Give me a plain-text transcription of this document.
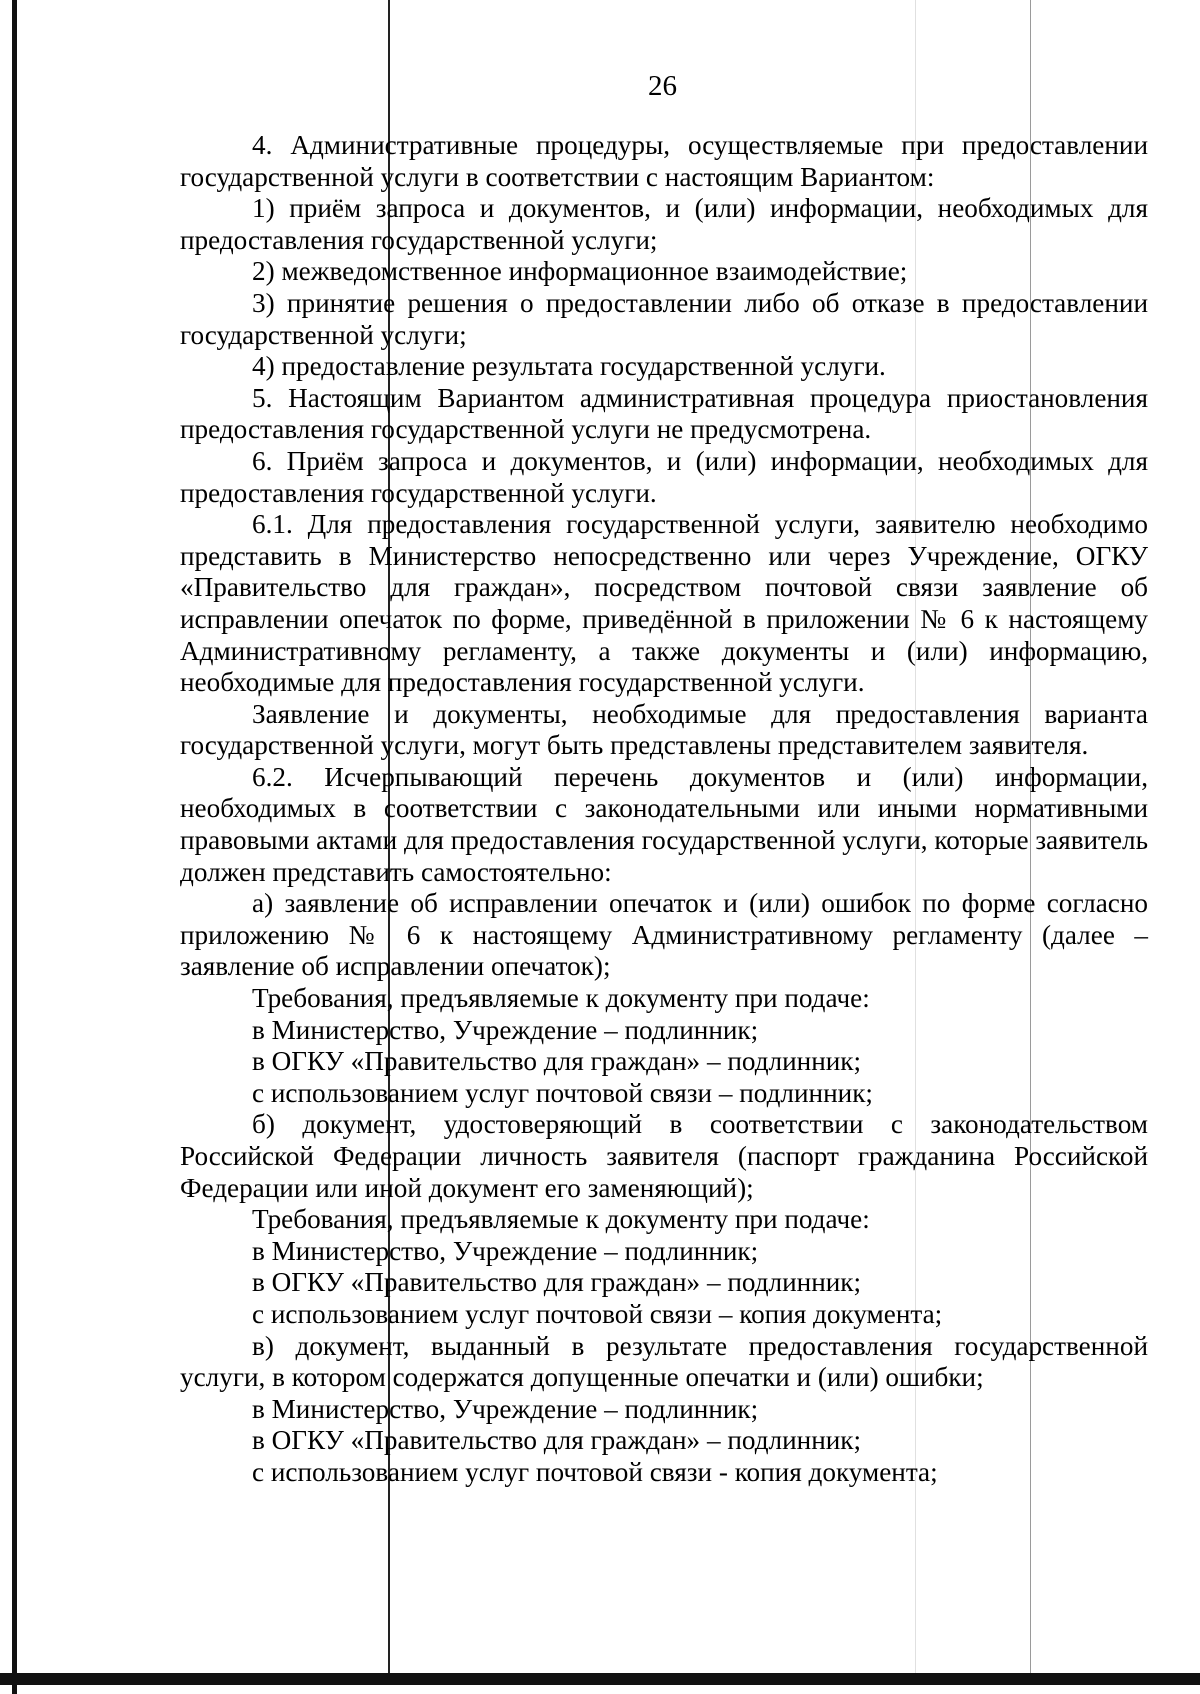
26

4. Административные процедуры, осуществляемые при предоставлении государственной услуги в соответствии с настоящим Вариантом:

1) приём запроса и документов, и (или) информации, необходимых для предоставления государственной услуги;

2) межведомственное информационное взаимодействие;

3) принятие решения о предоставлении либо об отказе в предоставлении государственной услуги;

4) предоставление результата государственной услуги.

5. Настоящим Вариантом административная процедура приостановления предоставления государственной услуги не предусмотрена.

6. Приём запроса и документов, и (или) информации, необходимых для предоставления государственной услуги.

6.1. Для предоставления государственной услуги, заявителю необходимо представить в Министерство непосредственно или через Учреждение, ОГКУ «Правительство для граждан», посредством почтовой связи заявление об исправлении опечаток по форме, приведённой в приложении № 6 к настоящему Административному регламенту, а также документы и (или) информацию, необходимые для предоставления государственной услуги.

Заявление и документы, необходимые для предоставления варианта государственной услуги, могут быть представлены представителем заявителя.

6.2. Исчерпывающий перечень документов и (или) информации, необходимых в соответствии с законодательными или иными нормативными правовыми актами для предоставления государственной услуги, которые заявитель должен представить самостоятельно:

а) заявление об исправлении опечаток и (или) ошибок по форме согласно приложению № 6 к настоящему Административному регламенту (далее – заявление об исправлении опечаток);

Требования, предъявляемые к документу при подаче:

в Министерство, Учреждение – подлинник;

в ОГКУ «Правительство для граждан» – подлинник;

с использованием услуг почтовой связи – подлинник;

б) документ, удостоверяющий в соответствии с законодательством Российской Федерации личность заявителя (паспорт гражданина Российской Федерации или иной документ его заменяющий);

Требования, предъявляемые к документу при подаче:

в Министерство, Учреждение – подлинник;

в ОГКУ «Правительство для граждан» – подлинник;

с использованием услуг почтовой связи – копия документа;

в) документ, выданный в результате предоставления государственной услуги, в котором содержатся допущенные опечатки и (или) ошибки;

в Министерство, Учреждение – подлинник;

в ОГКУ «Правительство для граждан» – подлинник;

с использованием услуг почтовой связи - копия документа;
